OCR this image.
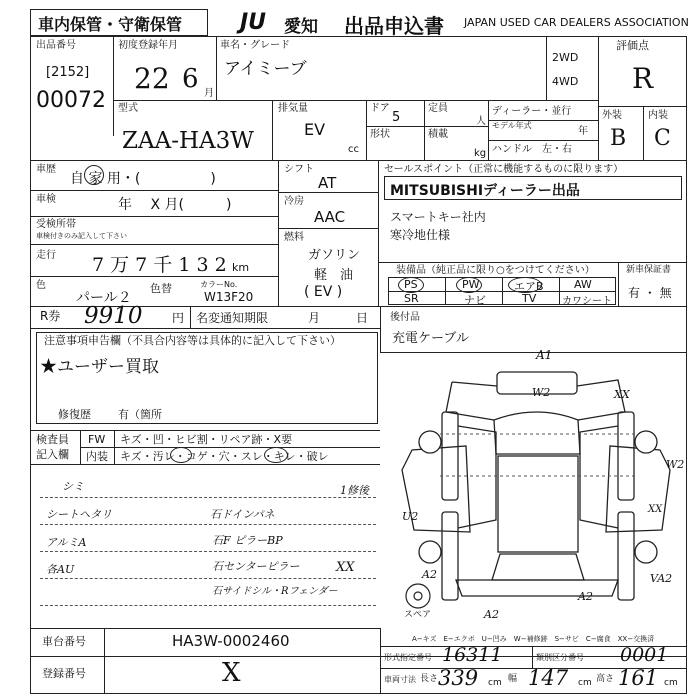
車内保管・守衛保管	JU 愛知 出品申込書 JAPAN USED CAR DEALERS ASSOCIATION
出品番号
[2152]
00072
初度登録年月
22 6 月
車名・グレード
アイミーブ
2WD
4WD
評価点
R
型式
ZAA-HA3W
排気量
EV
cc
ドア
5
形状
定員
人
積載
kg
ディーラー・並行
モデル年式
年
ハンドル　左・右
外装	内装
B C
車歴
自 家 用・(　　　　　)
車検	年　 X 月(　　　)
受検所帯
車検付きのみ記入して下さい
走行 7 万 7 千 1 3 2 km
色
パール２
色替	カラーNo.
W13F20
シフト
AT
冷房
AAC
燃料
ガソリン
軽　油
( EV )
セールスポイント（正常に機能するものに限ります）
MITSUBISHIディーラー出品
スマートキー社内
寒冷地仕様
装備品（純正品に限り○をつけてください）
PS	PW	エアB	AW
SR	ナビ	TV	カワシート
新車保証書
有 ・ 無
R券 9910 円 名変通知期限	月	日 後付品
充電ケーブル
注意事項申告欄（不具合内容等は具体的に記入して下さい）
★ユーザー買取
修復歴 有（箇所
検査員
記入欄
FW キズ・凹・ヒビ割・リペア跡・X要
内装 キズ・汚レ・コゲ・穴・スレ・キレ・破レ
シミ	1修後
シートヘタリ	石ドインパネ
アルミA	石F ピラーBP
各AU	石センターピラー	XX
石サイドシル・Rフェンダー
A1
W2	XX
W2
U2
XX
A2
A2
VA2
A2
スペア
A−キズ　E−エクボ　U−凹み　W−補修跡　S−サビ　C−腐食　XX−交換済
車台番号	HA3W-0002460
登録番号	X
形式指定番号 16311	類別区分番号 0001
車両寸法 長さ 339 cm 幅 147 cm 高さ 161 cm
